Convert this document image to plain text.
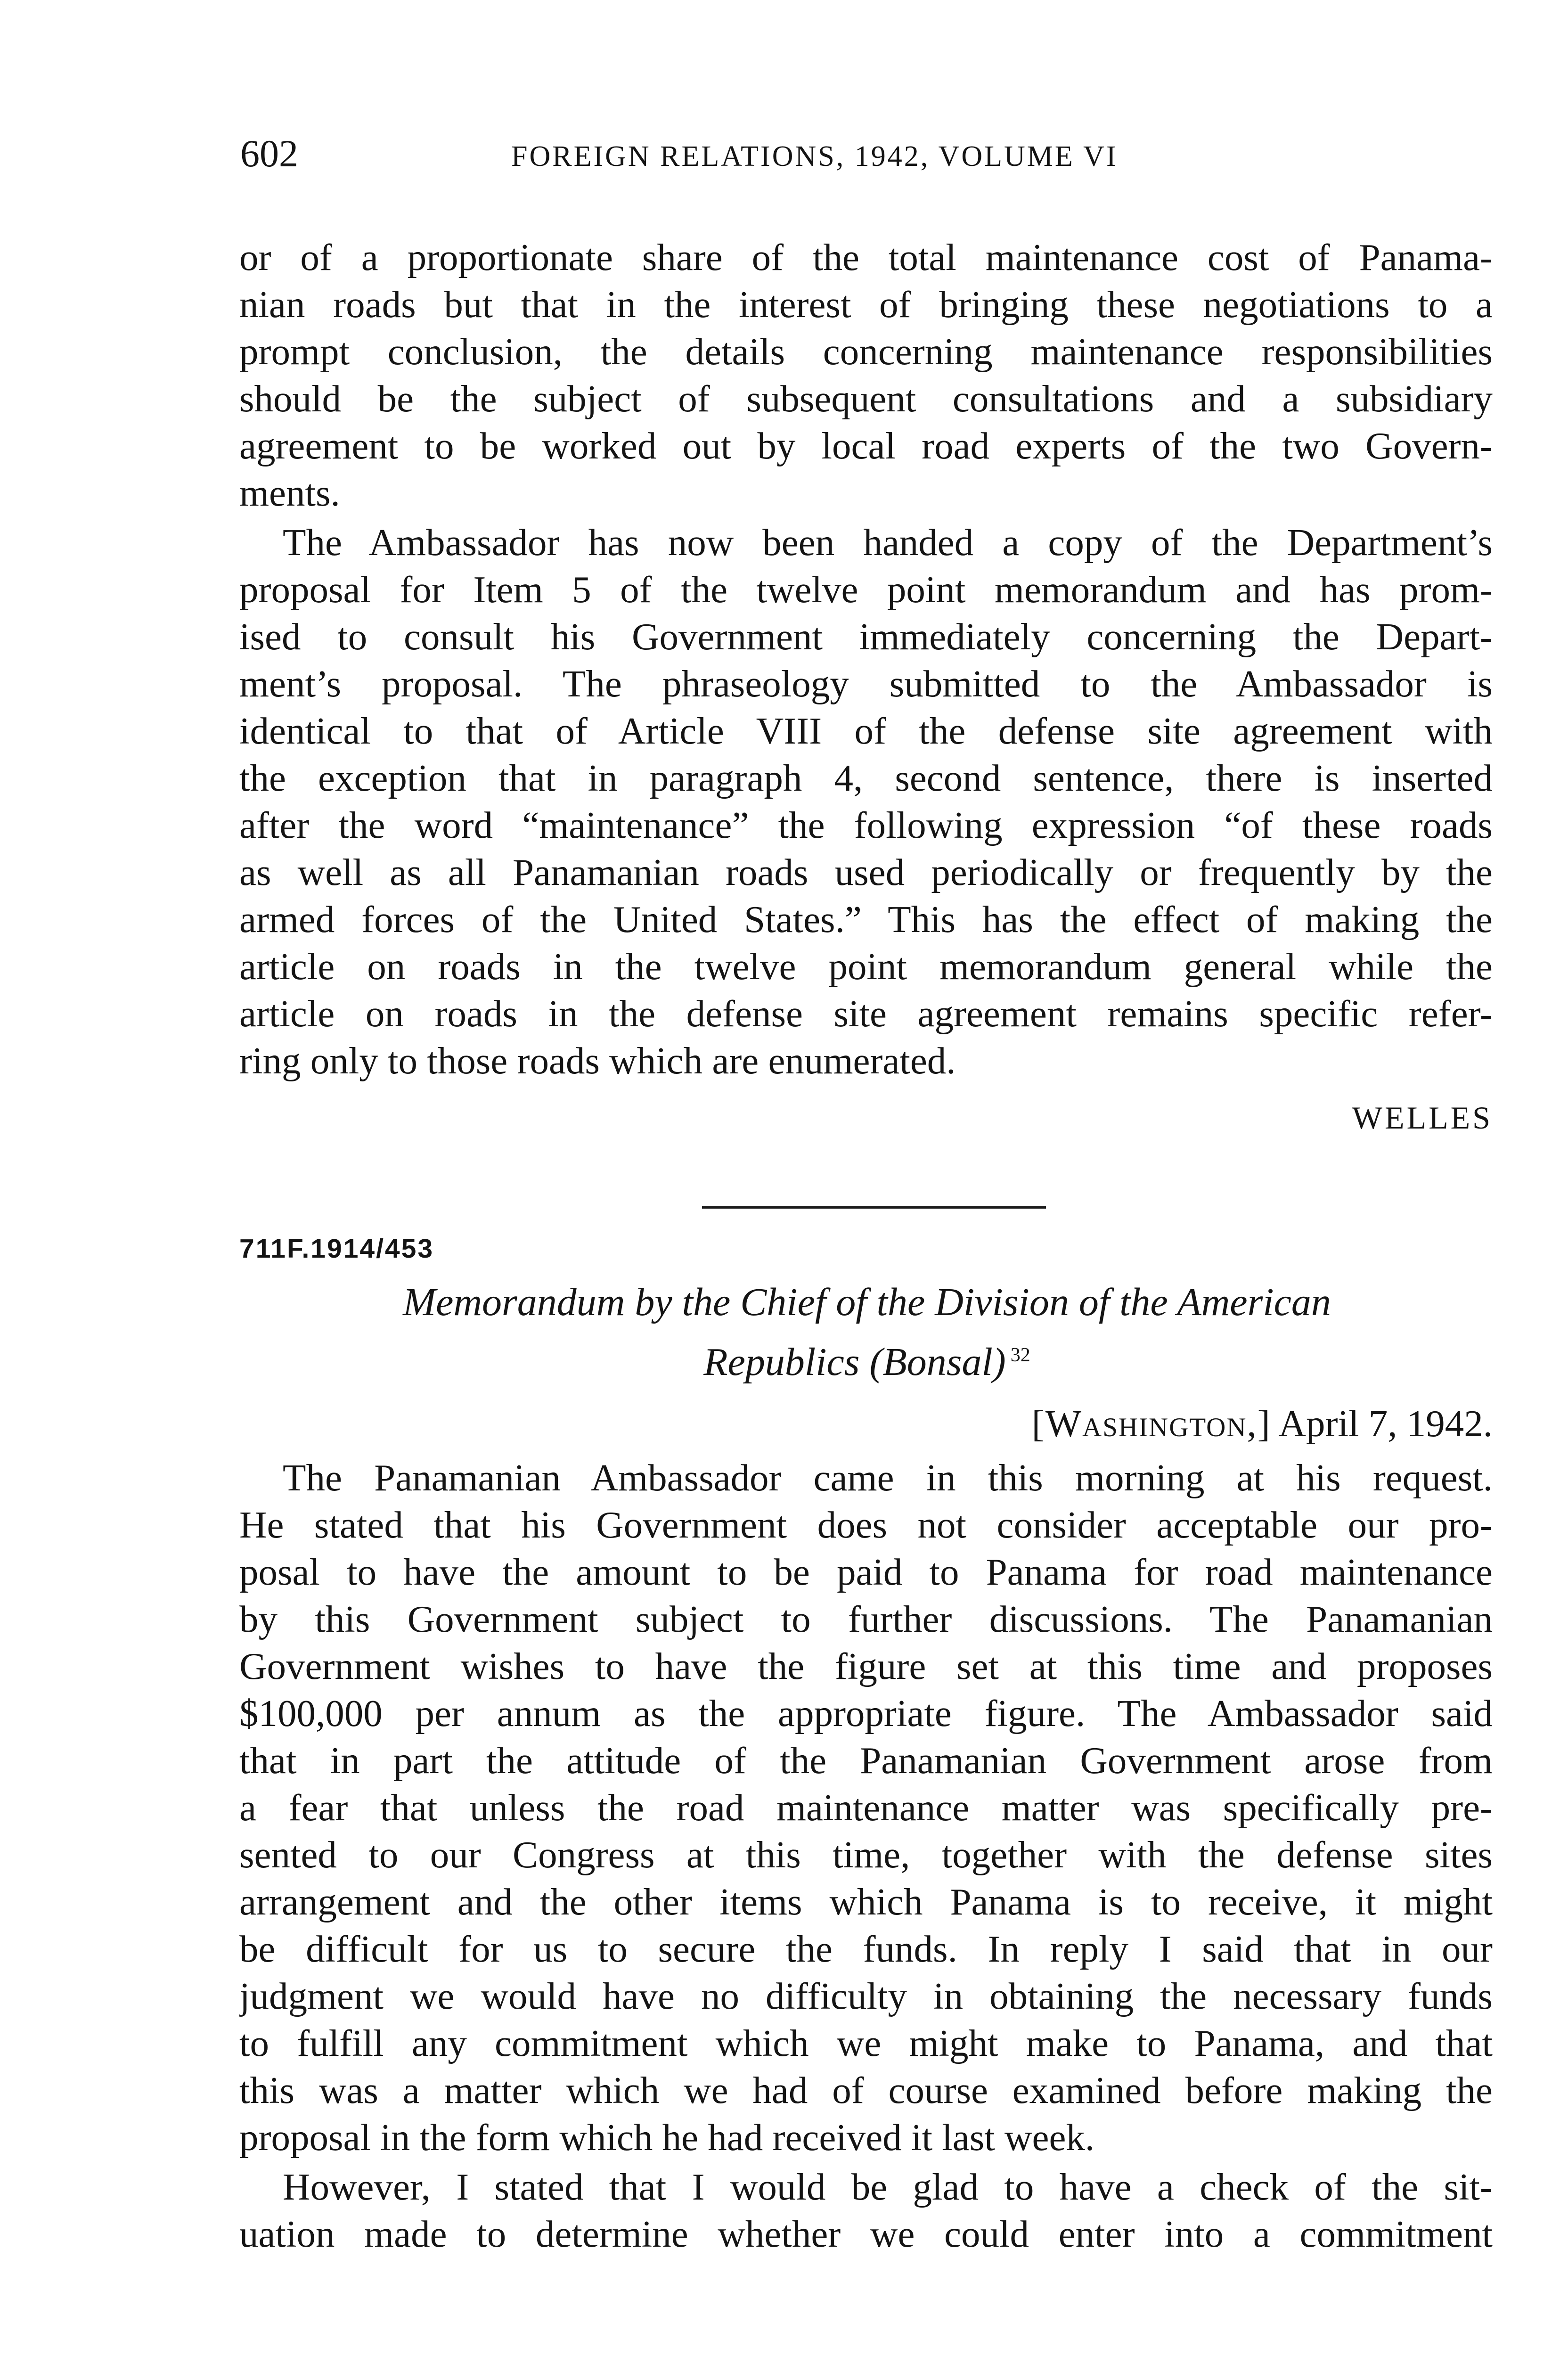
602	FOREIGN RELATIONS, 1942, VOLUME VI
or of a proportionate share of the total maintenance cost of Panama-
nian roads but that in the interest of bringing these negotiations to a
prompt conclusion, the details concerning maintenance responsibilities
should be the subject of subsequent consultations and a subsidiary
agreement to be worked out by local road experts of the two Govern-
ments.
The Ambassador has now been handed a copy of the Department’s
proposal for Item 5 of the twelve point memorandum and has prom-
ised to consult his Government immediately concerning the Depart-
ment’s proposal. The phraseology submitted to the Ambassador is
identical to that of Article VIII of the defense site agreement with
the exception that in paragraph 4, second sentence, there is inserted
after the word “maintenance” the following expression “of these roads
as well as all Panamanian roads used periodically or frequently by the
armed forces of the United States.” This has the effect of making the
article on roads in the twelve point memorandum general while the
article on roads in the defense site agreement remains specific refer-
ring only to those roads which are enumerated.
WELLES
711F.1914/453
Memorandum by the Chief of the Division of the American
Republics (Bonsal) $^{32}$
[Washington,] April 7, 1942.
The Panamanian Ambassador came in this morning at his request.
He stated that his Government does not consider acceptable our pro-
posal to have the amount to be paid to Panama for road maintenance
by this Government subject to further discussions. The Panamanian
Government wishes to have the figure set at this time and proposes
$100,000 per annum as the appropriate figure. The Ambassador said
that in part the attitude of the Panamanian Government arose from
a fear that unless the road maintenance matter was specifically pre-
sented to our Congress at this time, together with the defense sites
arrangement and the other items which Panama is to receive, it might
be difficult for us to secure the funds. In reply I said that in our
judgment we would have no difficulty in obtaining the necessary funds
to fulfill any commitment which we might make to Panama, and that
this was a matter which we had of course examined before making the
proposal in the form which he had received it last week.
However, I stated that I would be glad to have a check of the sit-
uation made to determine whether we could enter into a commitment
